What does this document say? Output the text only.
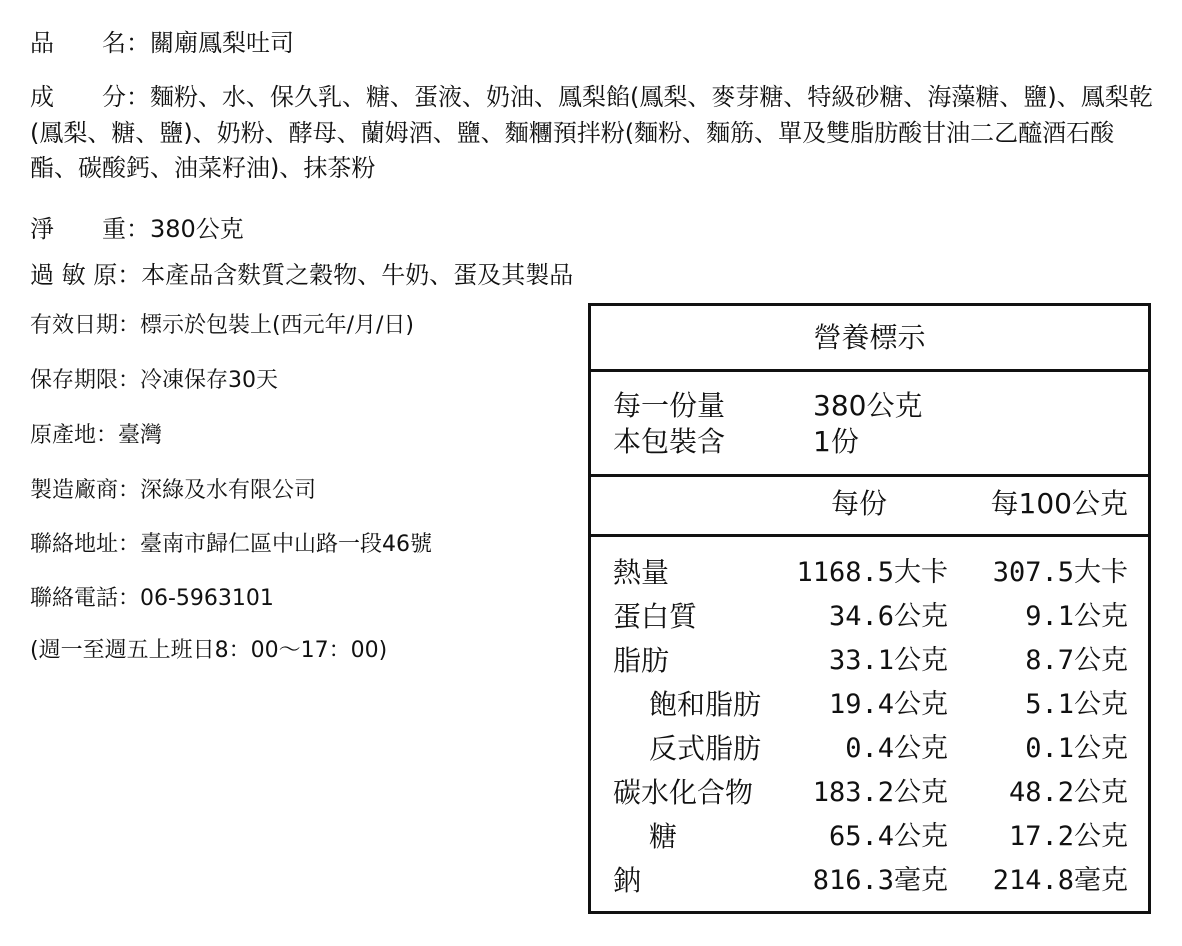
品　　名：關廟鳳梨吐司
成　　分：麵粉、水、保久乳、糖、蛋液、奶油、鳳梨餡(鳳梨、麥芽糖、特級砂糖、海藻糖、鹽)、鳳梨乾(鳳梨、糖、鹽)、奶粉、酵母、蘭姆酒、鹽、麵糰預拌粉(麵粉、麵筋、單及雙脂肪酸甘油二乙醯酒石酸酯、碳酸鈣、油菜籽油)、抹茶粉
淨　　重：380公克
過 敏 原：本產品含麩質之穀物、牛奶、蛋及其製品
有效日期：標示於包裝上(西元年/月/日)
保存期限：冷凍保存30天
原產地：臺灣
製造廠商：深綠及水有限公司
聯絡地址：臺南市歸仁區中山路一段46號
聯絡電話：06-5963101
(週一至週五上班日8：00～17：00)
營養標示
每一份量	380公克
本包裝含	1份
每份	每100公克
熱量	1168.5大卡 307.5大卡
蛋白質	34.6公克	9.1公克
脂肪	33.1公克	8.7公克
飽和脂肪	19.4公克	5.1公克
反式脂肪	0.4公克	0.1公克
碳水化合物 183.2公克 48.2公克
糖	65.4公克 17.2公克
鈉	816.3毫克 214.8毫克
